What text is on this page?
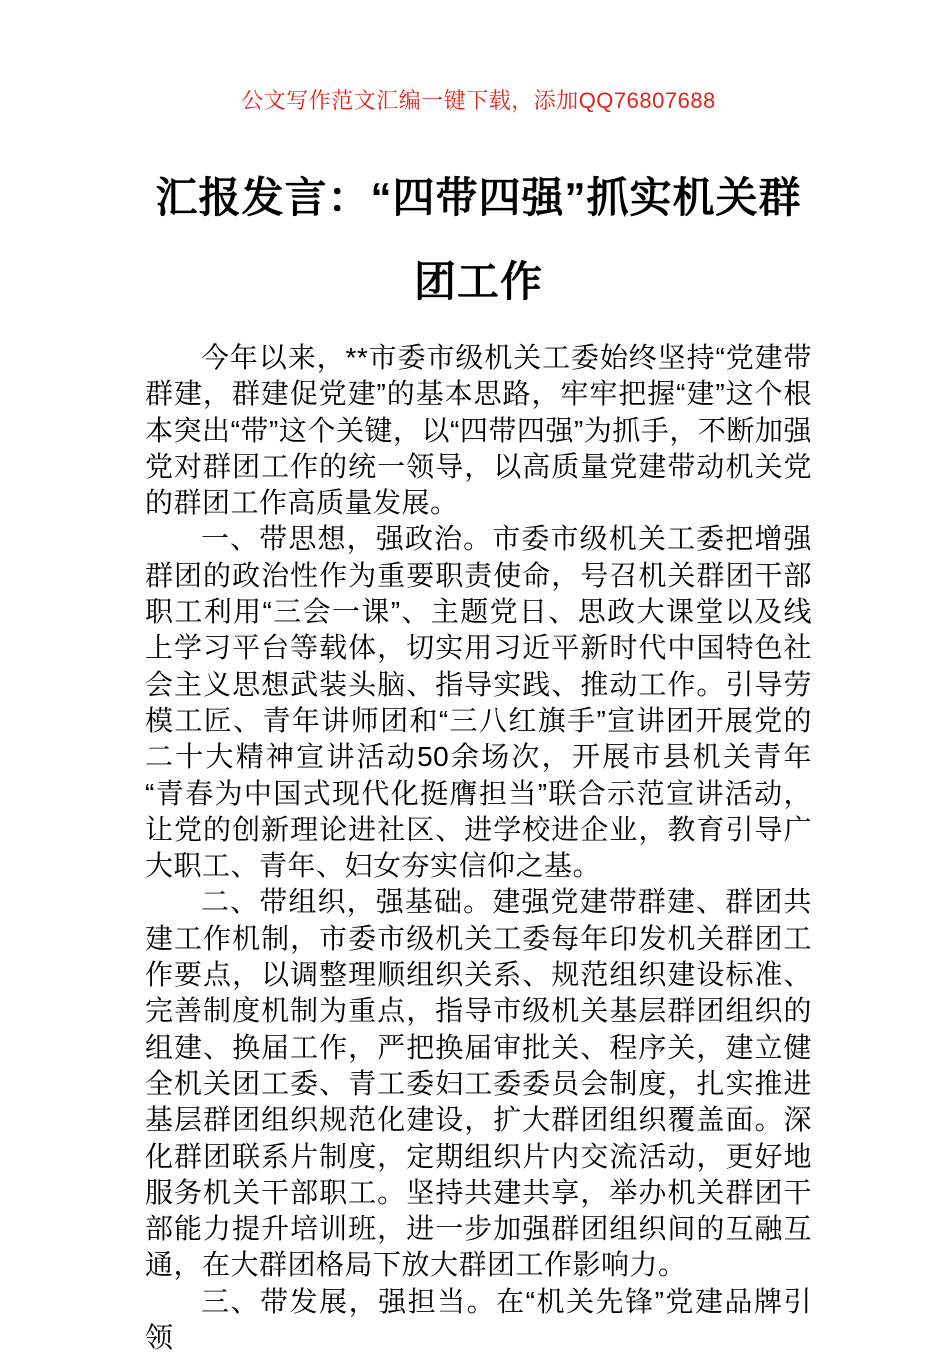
公文写作范文汇编一键下载，添加QQ76807688
汇报发言：“四带四强”抓实机关群团工作

今年以来，**市委市级机关工委始终坚持“党建带群建，群建促党建”的基本思路，牢牢把握“建”这个根本突出“带”这个关键，以“四带四强”为抓手，不断加强党对群团工作的统一领导，以高质量党建带动机关党的群团工作高质量发展。

一、带思想，强政治。市委市级机关工委把增强群团的政治性作为重要职责使命，号召机关群团干部职工利用“三会一课”、主题党日、思政大课堂以及线上学习平台等载体，切实用习近平新时代中国特色社会主义思想武装头脑、指导实践、推动工作。引导劳模工匠、青年讲师团和“三八红旗手”宣讲团开展党的二十大精神宣讲活动50余场次，开展市县机关青年“青春为中国式现代化挺膺担当”联合示范宣讲活动，让党的创新理论进社区、进学校进企业，教育引导广大职工、青年、妇女夯实信仰之基。

二、带组织，强基础。建强党建带群建、群团共建工作机制，市委市级机关工委每年印发机关群团工作要点，以调整理顺组织关系、规范组织建设标准、完善制度机制为重点，指导市级机关基层群团组织的组建、换届工作，严把换届审批关、程序关，建立健全机关团工委、青工委妇工委委员会制度，扎实推进基层群团组织规范化建设，扩大群团组织覆盖面。深化群团联系片制度，定期组织片内交流活动，更好地服务机关干部职工。坚持共建共享，举办机关群团干部能力提升培训班，进一步加强群团组织间的互融互通，在大群团格局下放大群团工作影响力。

三、带发展，强担当。在“机关先锋”党建品牌引领
